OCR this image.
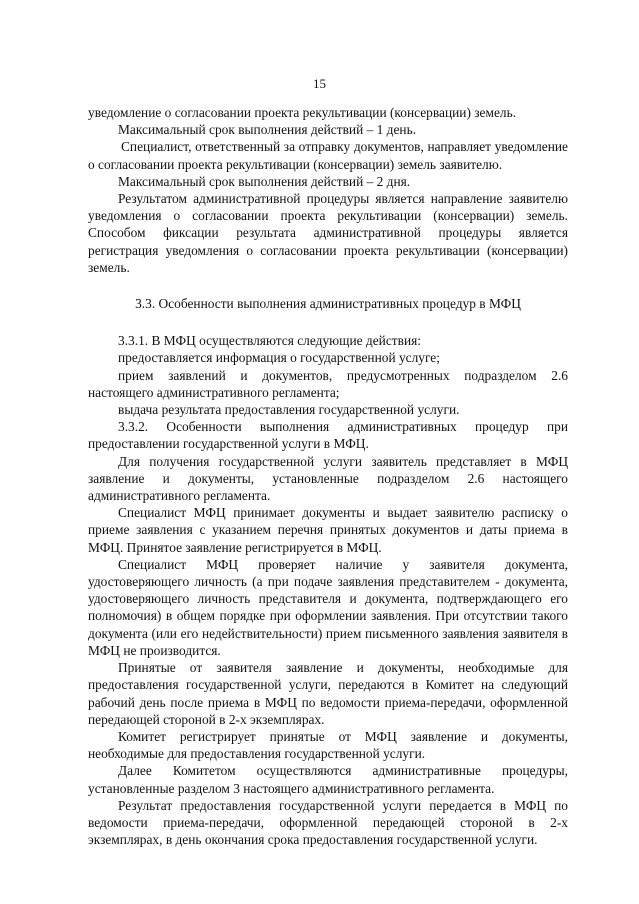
15

уведомление о согласовании проекта рекультивации (консервации) земель.

Максимальный срок выполнения действий – 1 день.

Специалист, ответственный за отправку документов, направляет уведомление о согласовании проекта рекультивации (консервации) земель заявителю.

Максимальный срок выполнения действий – 2 дня.

Результатом административной процедуры является направление заявителю уведомления о согласовании проекта рекультивации (консервации) земель. Способом фиксации результата административной процедуры является регистрация уведомления о согласовании проекта рекультивации (консервации) земель.

3.3. Особенности выполнения административных процедур в МФЦ

3.3.1. В МФЦ осуществляются следующие действия:

предоставляется информация о государственной услуге;

прием заявлений и документов, предусмотренных подразделом 2.6 настоящего административного регламента;

выдача результата предоставления государственной услуги.

3.3.2. Особенности выполнения административных процедур при предоставлении государственной услуги в МФЦ.

Для получения государственной услуги заявитель представляет в МФЦ заявление и документы, установленные подразделом 2.6 настоящего административного регламента.

Специалист МФЦ принимает документы и выдает заявителю расписку о приеме заявления с указанием перечня принятых документов и даты приема в МФЦ. Принятое заявление регистрируется в МФЦ.

Специалист МФЦ проверяет наличие у заявителя документа, удостоверяющего личность (а при подаче заявления представителем - документа, удостоверяющего личность представителя и документа, подтверждающего его полномочия) в общем порядке при оформлении заявления. При отсутствии такого документа (или его недействительности) прием письменного заявления заявителя в МФЦ не производится.

Принятые от заявителя заявление и документы, необходимые для предоставления государственной услуги, передаются в Комитет на следующий рабочий день после приема в МФЦ по ведомости приема-передачи, оформленной передающей стороной в 2-х экземплярах.

Комитет регистрирует принятые от МФЦ заявление и документы, необходимые для предоставления государственной услуги.

Далее Комитетом осуществляются административные процедуры, установленные разделом 3 настоящего административного регламента.

Результат предоставления государственной услуги передается в МФЦ по ведомости приема-передачи, оформленной передающей стороной в 2-х экземплярах, в день окончания срока предоставления государственной услуги.
